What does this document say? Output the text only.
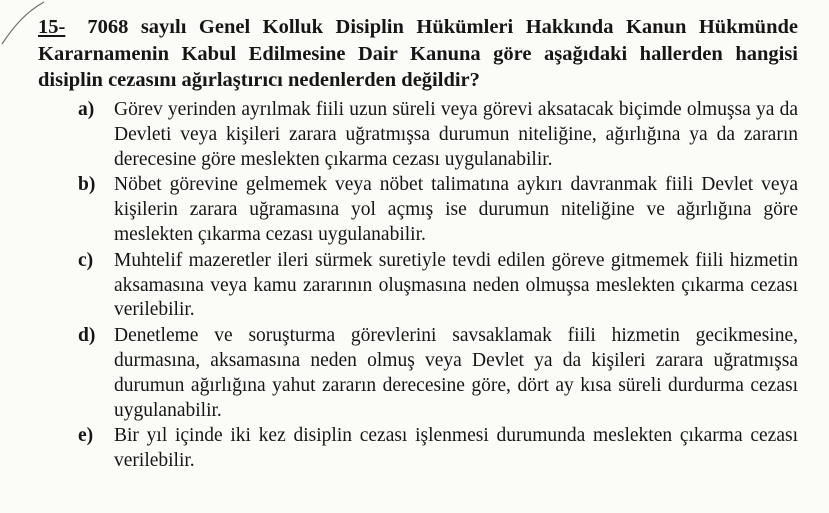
15- 7068 sayılı Genel Kolluk Disiplin Hükümleri Hakkında Kanun Hükmünde Kararnamenin Kabul Edilmesine Dair Kanuna göre aşağıdaki hallerden hangisi disiplin cezasını ağırlaştırıcı nedenlerden değildir?
a) Görev yerinden ayrılmak fiili uzun süreli veya görevi aksatacak biçimde olmuşsa ya da Devleti veya kişileri zarara uğratmışsa durumun niteliğine, ağırlığına ya da zararın derecesine göre meslekten çıkarma cezası uygulanabilir.
b) Nöbet görevine gelmemek veya nöbet talimatına aykırı davranmak fiili Devlet veya kişilerin zarara uğramasına yol açmış ise durumun niteliğine ve ağırlığına göre meslekten çıkarma cezası uygulanabilir.
c) Muhtelif mazeretler ileri sürmek suretiyle tevdi edilen göreve gitmemek fiili hizmetin aksamasına veya kamu zararının oluşmasına neden olmuşsa meslekten çıkarma cezası verilebilir.
d) Denetleme ve soruşturma görevlerini savsaklamak fiili hizmetin gecikmesine, durmasına, aksamasına neden olmuş veya Devlet ya da kişileri zarara uğratmışsa durumun ağırlığına yahut zararın derecesine göre, dört ay kısa süreli durdurma cezası uygulanabilir.
e) Bir yıl içinde iki kez disiplin cezası işlenmesi durumunda meslekten çıkarma cezası verilebilir.
